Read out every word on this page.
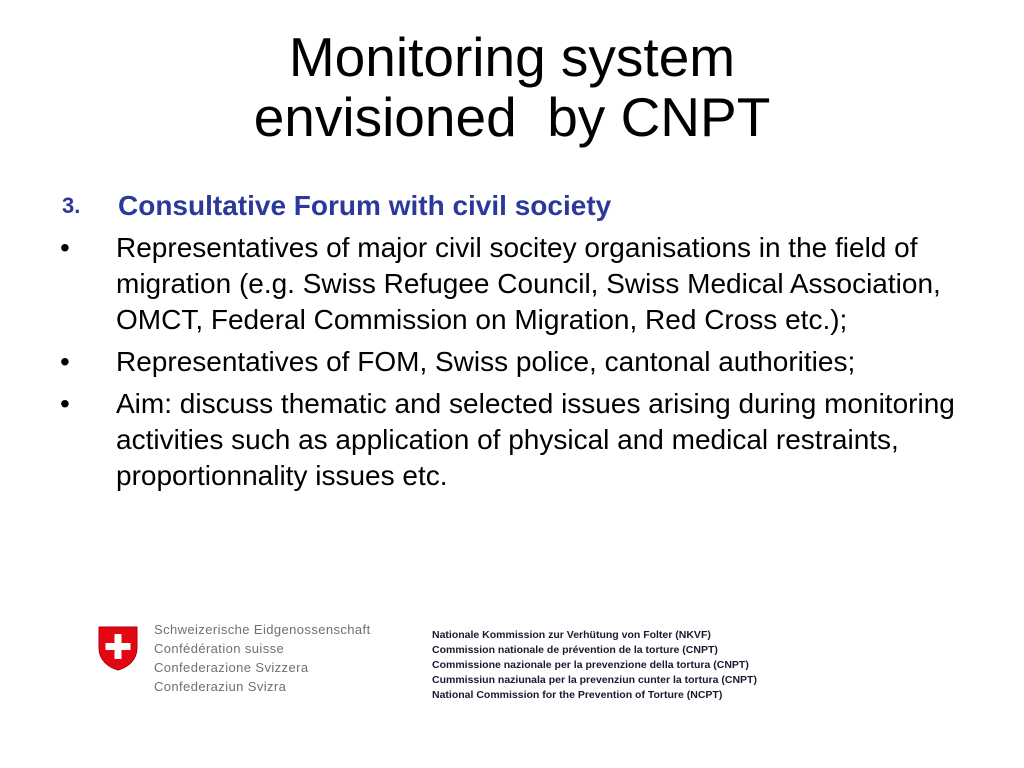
Monitoring system
envisioned  by CNPT
3.	Consultative Forum with civil society
•	Representatives of major civil socitey organisations in the field of migration (e.g. Swiss Refugee Council, Swiss Medical Association, OMCT, Federal Commission on Migration, Red Cross etc.);
•	Representatives of FOM, Swiss police, cantonal authorities;
•	Aim: discuss thematic and selected issues arising during monitoring activities such as application of physical and medical restraints, proportionnality issues etc.
Schweizerische Eidgenossenschaft
Confédération suisse
Confederazione Svizzera
Confederaziun Svizra
Nationale Kommission zur Verhütung von Folter (NKVF)
Commission nationale de prévention de la torture (CNPT)
Commissione nazionale per la prevenzione della tortura (CNPT)
Cummissiun naziunala per la prevenziun cunter la tortura (CNPT)
National Commission for the Prevention of Torture (NCPT)
